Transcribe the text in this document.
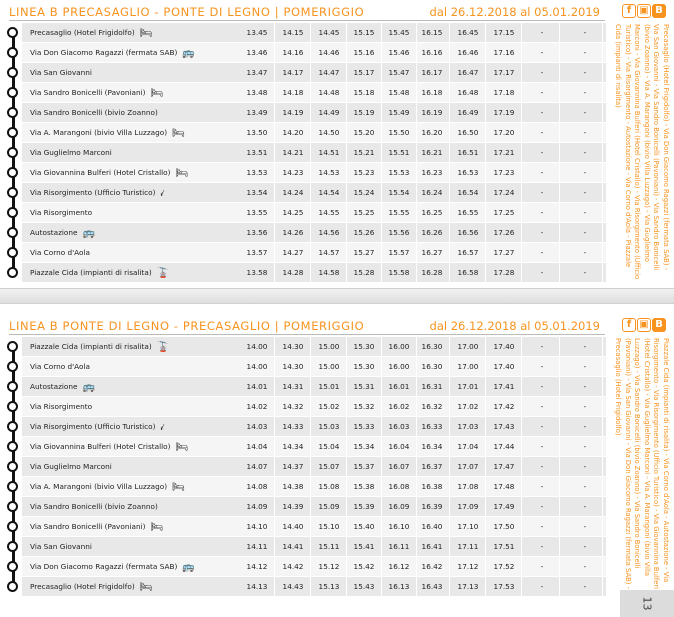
LINEA B PRECASAGLIO - PONTE DI LEGNO | POMERIGGIO	dal 26.12.2018 al 05.01.2019	f ▣ B
Precasaglio (Hotel Frigidolfo) 🛏	13.45	14.15	14.45	15.15	15.45	16.15	16.45	17.15	-	-
Via Don Giacomo Ragazzi (fermata SAB) 🚌	13.46	14.16	14.46	15.16	15.46	16.16	16.46	17.16	-	-
Via San Giovanni	13.47	14.17	14.47	15.17	15.47	16.17	16.47	17.17	-	-
Via Sandro Bonicelli (Pavoniani) 🛏	13.48	14.18	14.48	15.18	15.48	16.18	16.48	17.18	-	-
Via Sandro Bonicelli (bivio Zoanno)	13.49	14.19	14.49	15.19	15.49	16.19	16.49	17.19	-	-
Via A. Marangoni (bivio Villa Luzzago) 🛏	13.50	14.20	14.50	15.20	15.50	16.20	16.50	17.20	-	-
Via Guglielmo Marconi	13.51	14.21	14.51	15.21	15.51	16.21	16.51	17.21	-	-
Via Giovannina Bulferi (Hotel Cristallo) 🛏	13.53	14.23	14.53	15.23	15.53	16.23	16.53	17.23	-	-
Via Risorgimento (Ufficio Turistico) 𝒾	13.54	14.24	14.54	15.24	15.54	16.24	16.54	17.24	-	-
Via Risorgimento	13.55	14.25	14.55	15.25	15.55	16.25	16.55	17.25	-	-
Autostazione 🚌	13.56	14.26	14.56	15.26	15.56	16.26	16.56	17.26	-	-
Via Corno d'Aola	13.57	14.27	14.57	15.27	15.57	16.27	16.57	17.27	-	-
Piazzale Cida (impianti di risalita) 🚡	13.58	14.28	14.58	15.28	15.58	16.28	16.58	17.28	-	-
Precasaglio (Hotel Frigidolfo) - Via Don Giacomo Ragazzi (fermata SAB) - Via San Giovanni - Via Sandro Bonicelli (Pavoniani) - Via Sandro Bonicelli (bivio Zoanno) - Via A. Marangoni (bivio Villa Luzzago) - Via Guglielmo Marconi - Via Giovannina Bulferi (Hotel Cristallo) - Via Risorgimento (Ufficio Turistico) - Via Risorgimento - Autostazione - Via Corno d'Aola - Piazzale Cida (impianti di risalita)
LINEA B PONTE DI LEGNO - PRECASAGLIO | POMERIGGIO	dal 26.12.2018 al 05.01.2019	f ▣ B
Piazzale Cida (impianti di risalita) 🚡	14.00	14.30	15.00	15.30	16.00	16.30	17.00	17.40	-	-
Via Corno d'Aola	14.00	14.30	15.00	15.30	16.00	16.30	17.00	17.40	-	-
Autostazione 🚌	14.01	14.31	15.01	15.31	16.01	16.31	17.01	17.41	-	-
Via Risorgimento	14.02	14.32	15.02	15.32	16.02	16.32	17.02	17.42	-	-
Via Risorgimento (Ufficio Turistico) 𝒾	14.03	14.33	15.03	15.33	16.03	16.33	17.03	17.43	-	-
Via Giovannina Bulferi (Hotel Cristallo) 🛏	14.04	14.34	15.04	15.34	16.04	16.34	17.04	17.44	-	-
Via Guglielmo Marconi	14.07	14.37	15.07	15.37	16.07	16.37	17.07	17.47	-	-
Via A. Marangoni (bivio Villa Luzzago) 🛏	14.08	14.38	15.08	15.38	16.08	16.38	17.08	17.48	-	-
Via Sandro Bonicelli (bivio Zoanno)	14.09	14.39	15.09	15.39	16.09	16.39	17.09	17.49	-	-
Via Sandro Bonicelli (Pavoniani) 🛏	14.10	14.40	15.10	15.40	16.10	16.40	17.10	17.50	-	-
Via San Giovanni	14.11	14.41	15.11	15.41	16.11	16.41	17.11	17.51	-	-
Via Don Giacomo Ragazzi (fermata SAB) 🚌	14.12	14.42	15.12	15.42	16.12	16.42	17.12	17.52	-	-
Precasaglio (Hotel Frigidolfo) 🛏	14.13	14.43	15.13	15.43	16.13	16.43	17.13	17.53	-	-
Piazzale Cida (impianti di risalita) - Via Corno d'Aola - Autostazione - Via Risorgimento - Via Risorgimento (Ufficio Turistico) - Via Giovannina Bulferi (Hotel Cristallo) - Via Guglielmo Marconi - Via A. Marangoni (bivio Villa Luzzago) - Via Sandro Bonicelli (bivio Zoanno) - Via Sandro Bonicelli (Pavoniani) - Via San Giovanni - Via Don Giacomo Ragazzi (fermata SAB) - Precasaglio (Hotel Frigidolfo)
13
